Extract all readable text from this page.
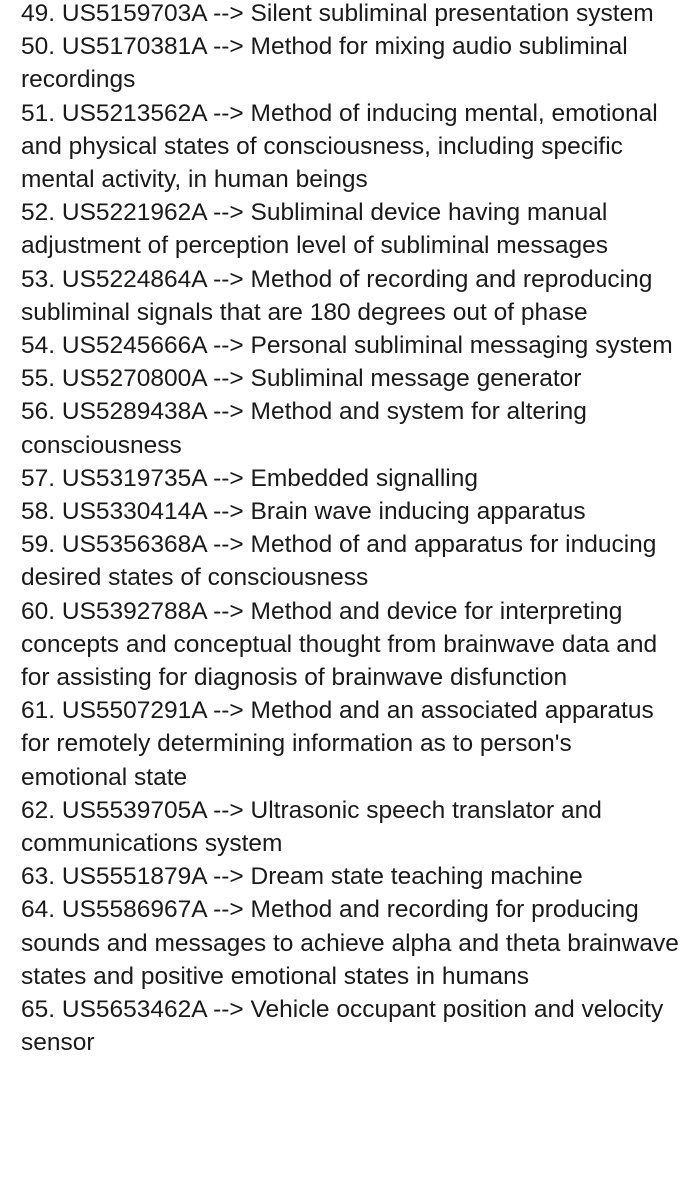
49. US5159703A --> Silent subliminal presentation system

50. US5170381A --> Method for mixing audio subliminal recordings

51. US5213562A --> Method of inducing mental, emotional and physical states of consciousness, including specific mental activity, in human beings

52. US5221962A --> Subliminal device having manual adjustment of perception level of subliminal messages

53. US5224864A --> Method of recording and reproducing subliminal signals that are 180 degrees out of phase

54. US5245666A --> Personal subliminal messaging system

55. US5270800A --> Subliminal message generator

56. US5289438A --> Method and system for altering consciousness

57. US5319735A --> Embedded signalling

58. US5330414A --> Brain wave inducing apparatus

59. US5356368A --> Method of and apparatus for inducing desired states of consciousness

60. US5392788A --> Method and device for interpreting concepts and conceptual thought from brainwave data and for assisting for diagnosis of brainwave disfunction

61. US5507291A --> Method and an associated apparatus for remotely determining information as to person's emotional state

62. US5539705A --> Ultrasonic speech translator and communications system

63. US5551879A --> Dream state teaching machine

64. US5586967A --> Method and recording for producing sounds and messages to achieve alpha and theta brainwave states and positive emotional states in humans

65. US5653462A --> Vehicle occupant position and velocity sensor
